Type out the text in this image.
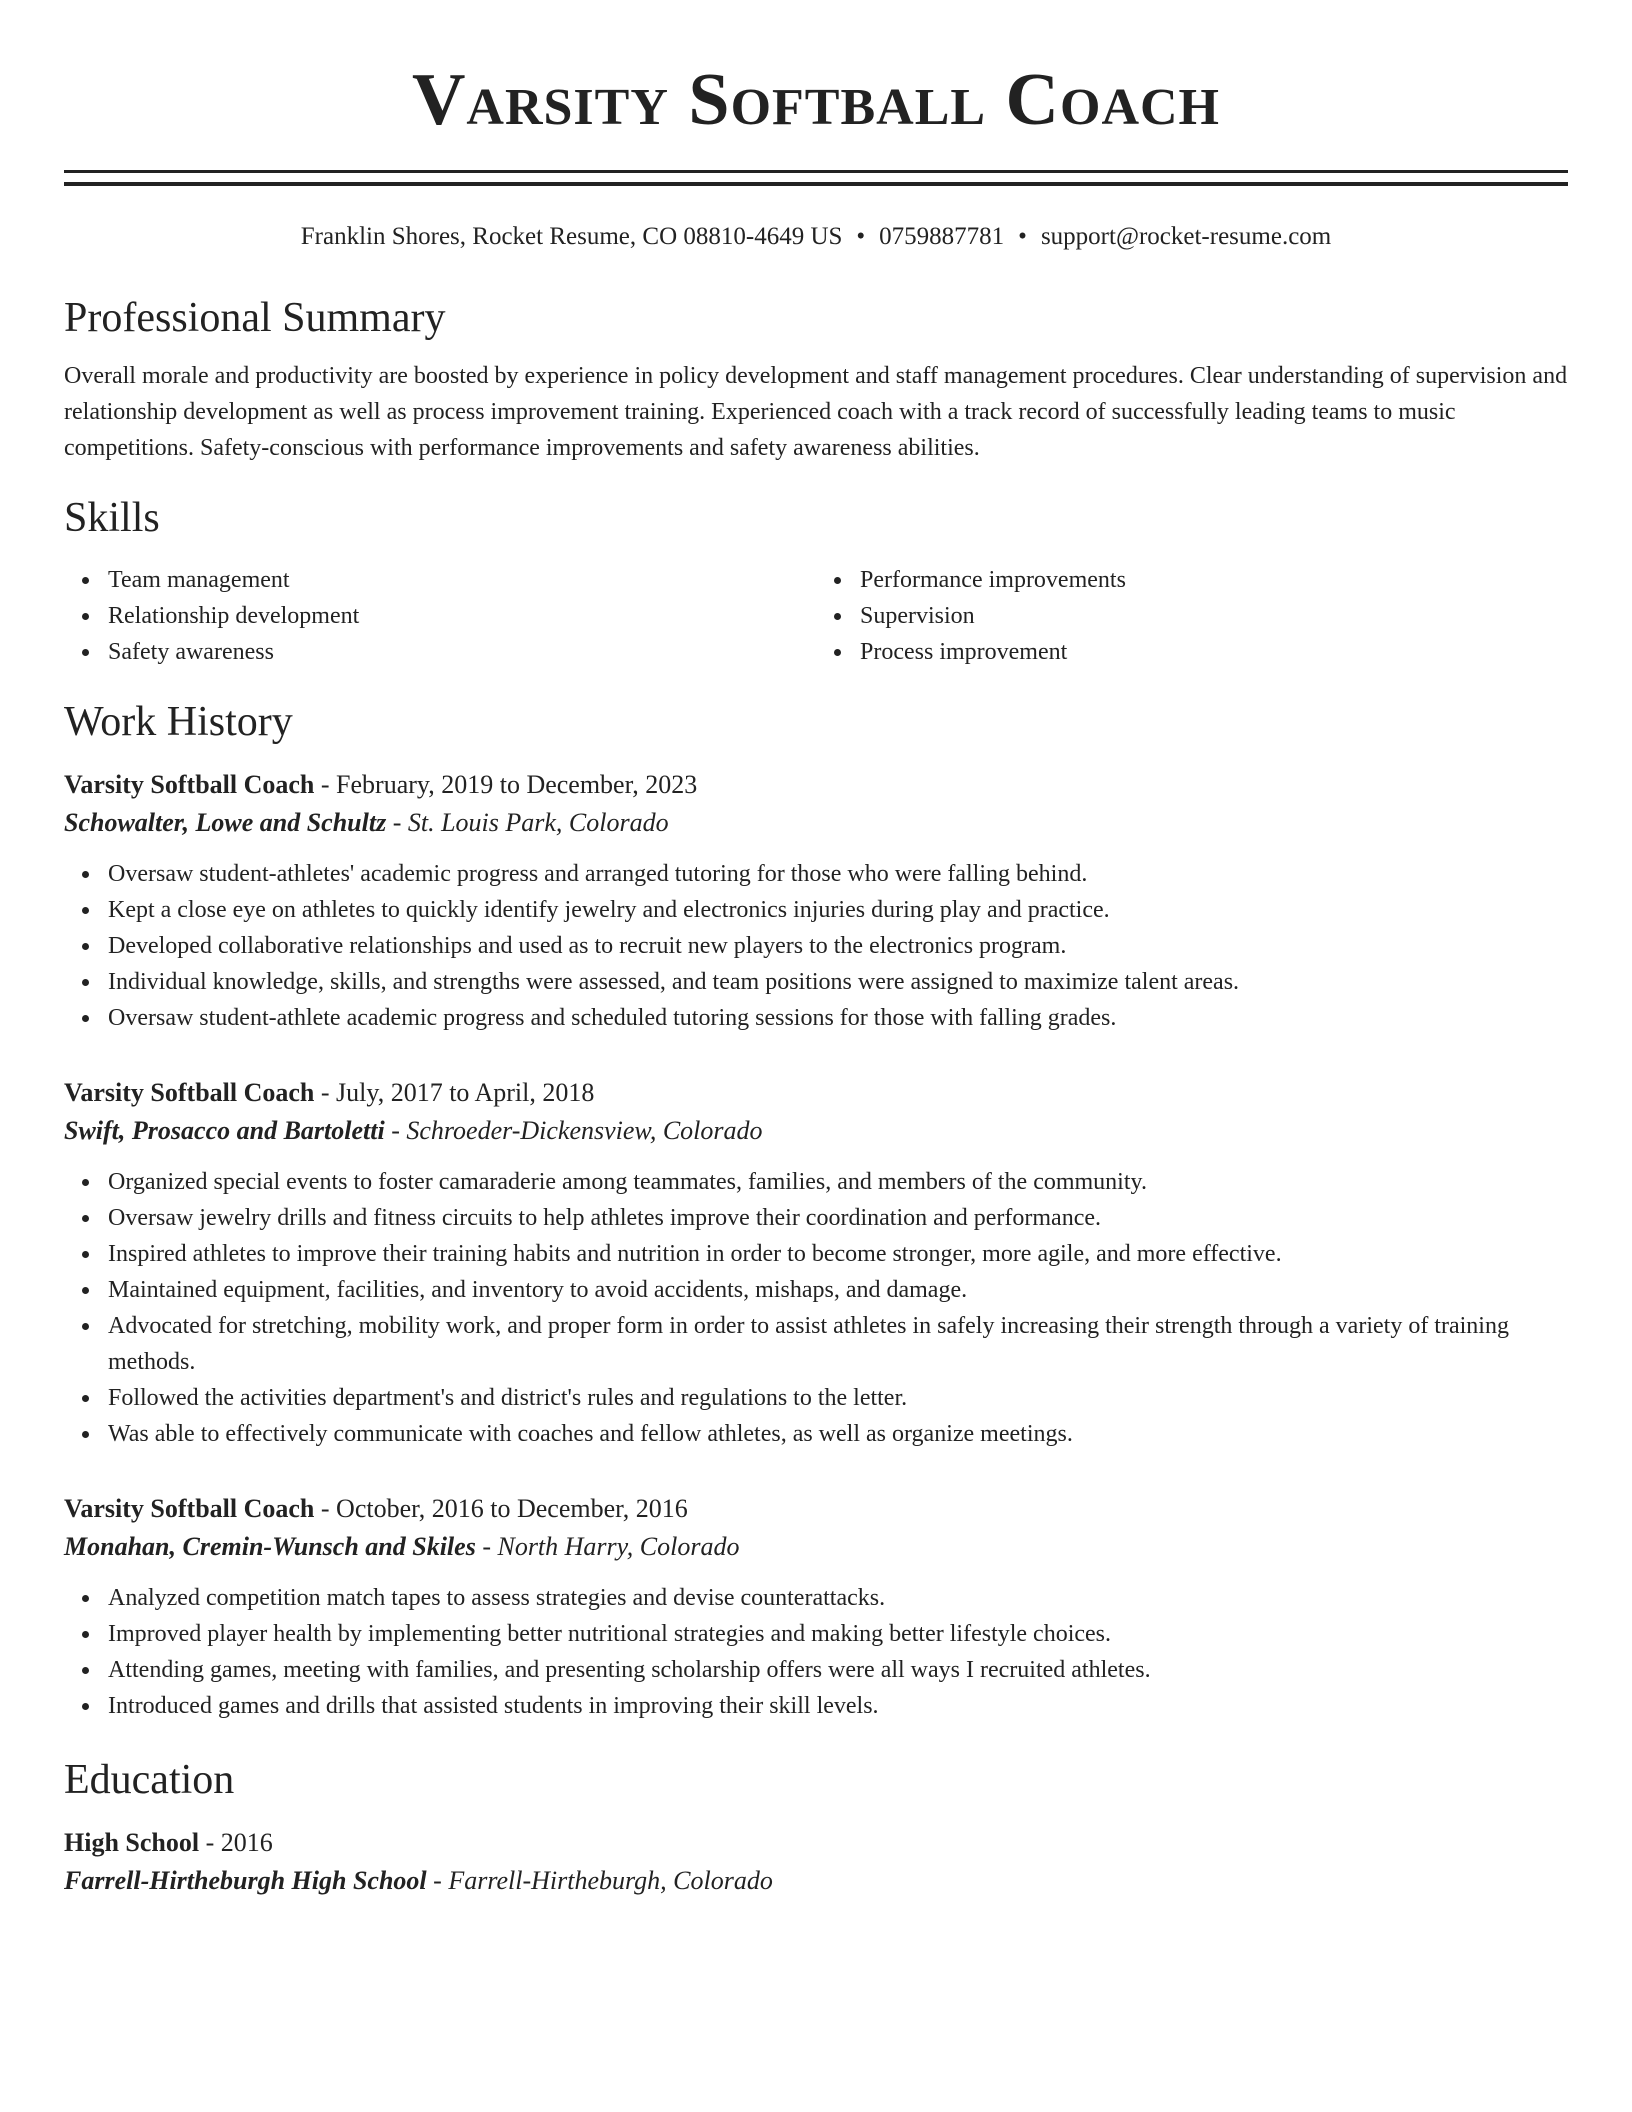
Varsity Softball Coach
Franklin Shores, Rocket Resume, CO 08810-4649 US • 0759887781 • support@rocket-resume.com
Professional Summary
Overall morale and productivity are boosted by experience in policy development and staff management procedures. Clear understanding of supervision and relationship development as well as process improvement training. Experienced coach with a track record of successfully leading teams to music competitions. Safety-conscious with performance improvements and safety awareness abilities.
Skills
Team management
Relationship development
Safety awareness
Performance improvements
Supervision
Process improvement
Work History
Varsity Softball Coach - February, 2019 to December, 2023
Schowalter, Lowe and Schultz - St. Louis Park, Colorado
Oversaw student-athletes' academic progress and arranged tutoring for those who were falling behind.
Kept a close eye on athletes to quickly identify jewelry and electronics injuries during play and practice.
Developed collaborative relationships and used as to recruit new players to the electronics program.
Individual knowledge, skills, and strengths were assessed, and team positions were assigned to maximize talent areas.
Oversaw student-athlete academic progress and scheduled tutoring sessions for those with falling grades.
Varsity Softball Coach - July, 2017 to April, 2018
Swift, Prosacco and Bartoletti - Schroeder-Dickensview, Colorado
Organized special events to foster camaraderie among teammates, families, and members of the community.
Oversaw jewelry drills and fitness circuits to help athletes improve their coordination and performance.
Inspired athletes to improve their training habits and nutrition in order to become stronger, more agile, and more effective.
Maintained equipment, facilities, and inventory to avoid accidents, mishaps, and damage.
Advocated for stretching, mobility work, and proper form in order to assist athletes in safely increasing their strength through a variety of training methods.
Followed the activities department's and district's rules and regulations to the letter.
Was able to effectively communicate with coaches and fellow athletes, as well as organize meetings.
Varsity Softball Coach - October, 2016 to December, 2016
Monahan, Cremin-Wunsch and Skiles - North Harry, Colorado
Analyzed competition match tapes to assess strategies and devise counterattacks.
Improved player health by implementing better nutritional strategies and making better lifestyle choices.
Attending games, meeting with families, and presenting scholarship offers were all ways I recruited athletes.
Introduced games and drills that assisted students in improving their skill levels.
Education
High School - 2016
Farrell-Hirtheburgh High School - Farrell-Hirtheburgh, Colorado
